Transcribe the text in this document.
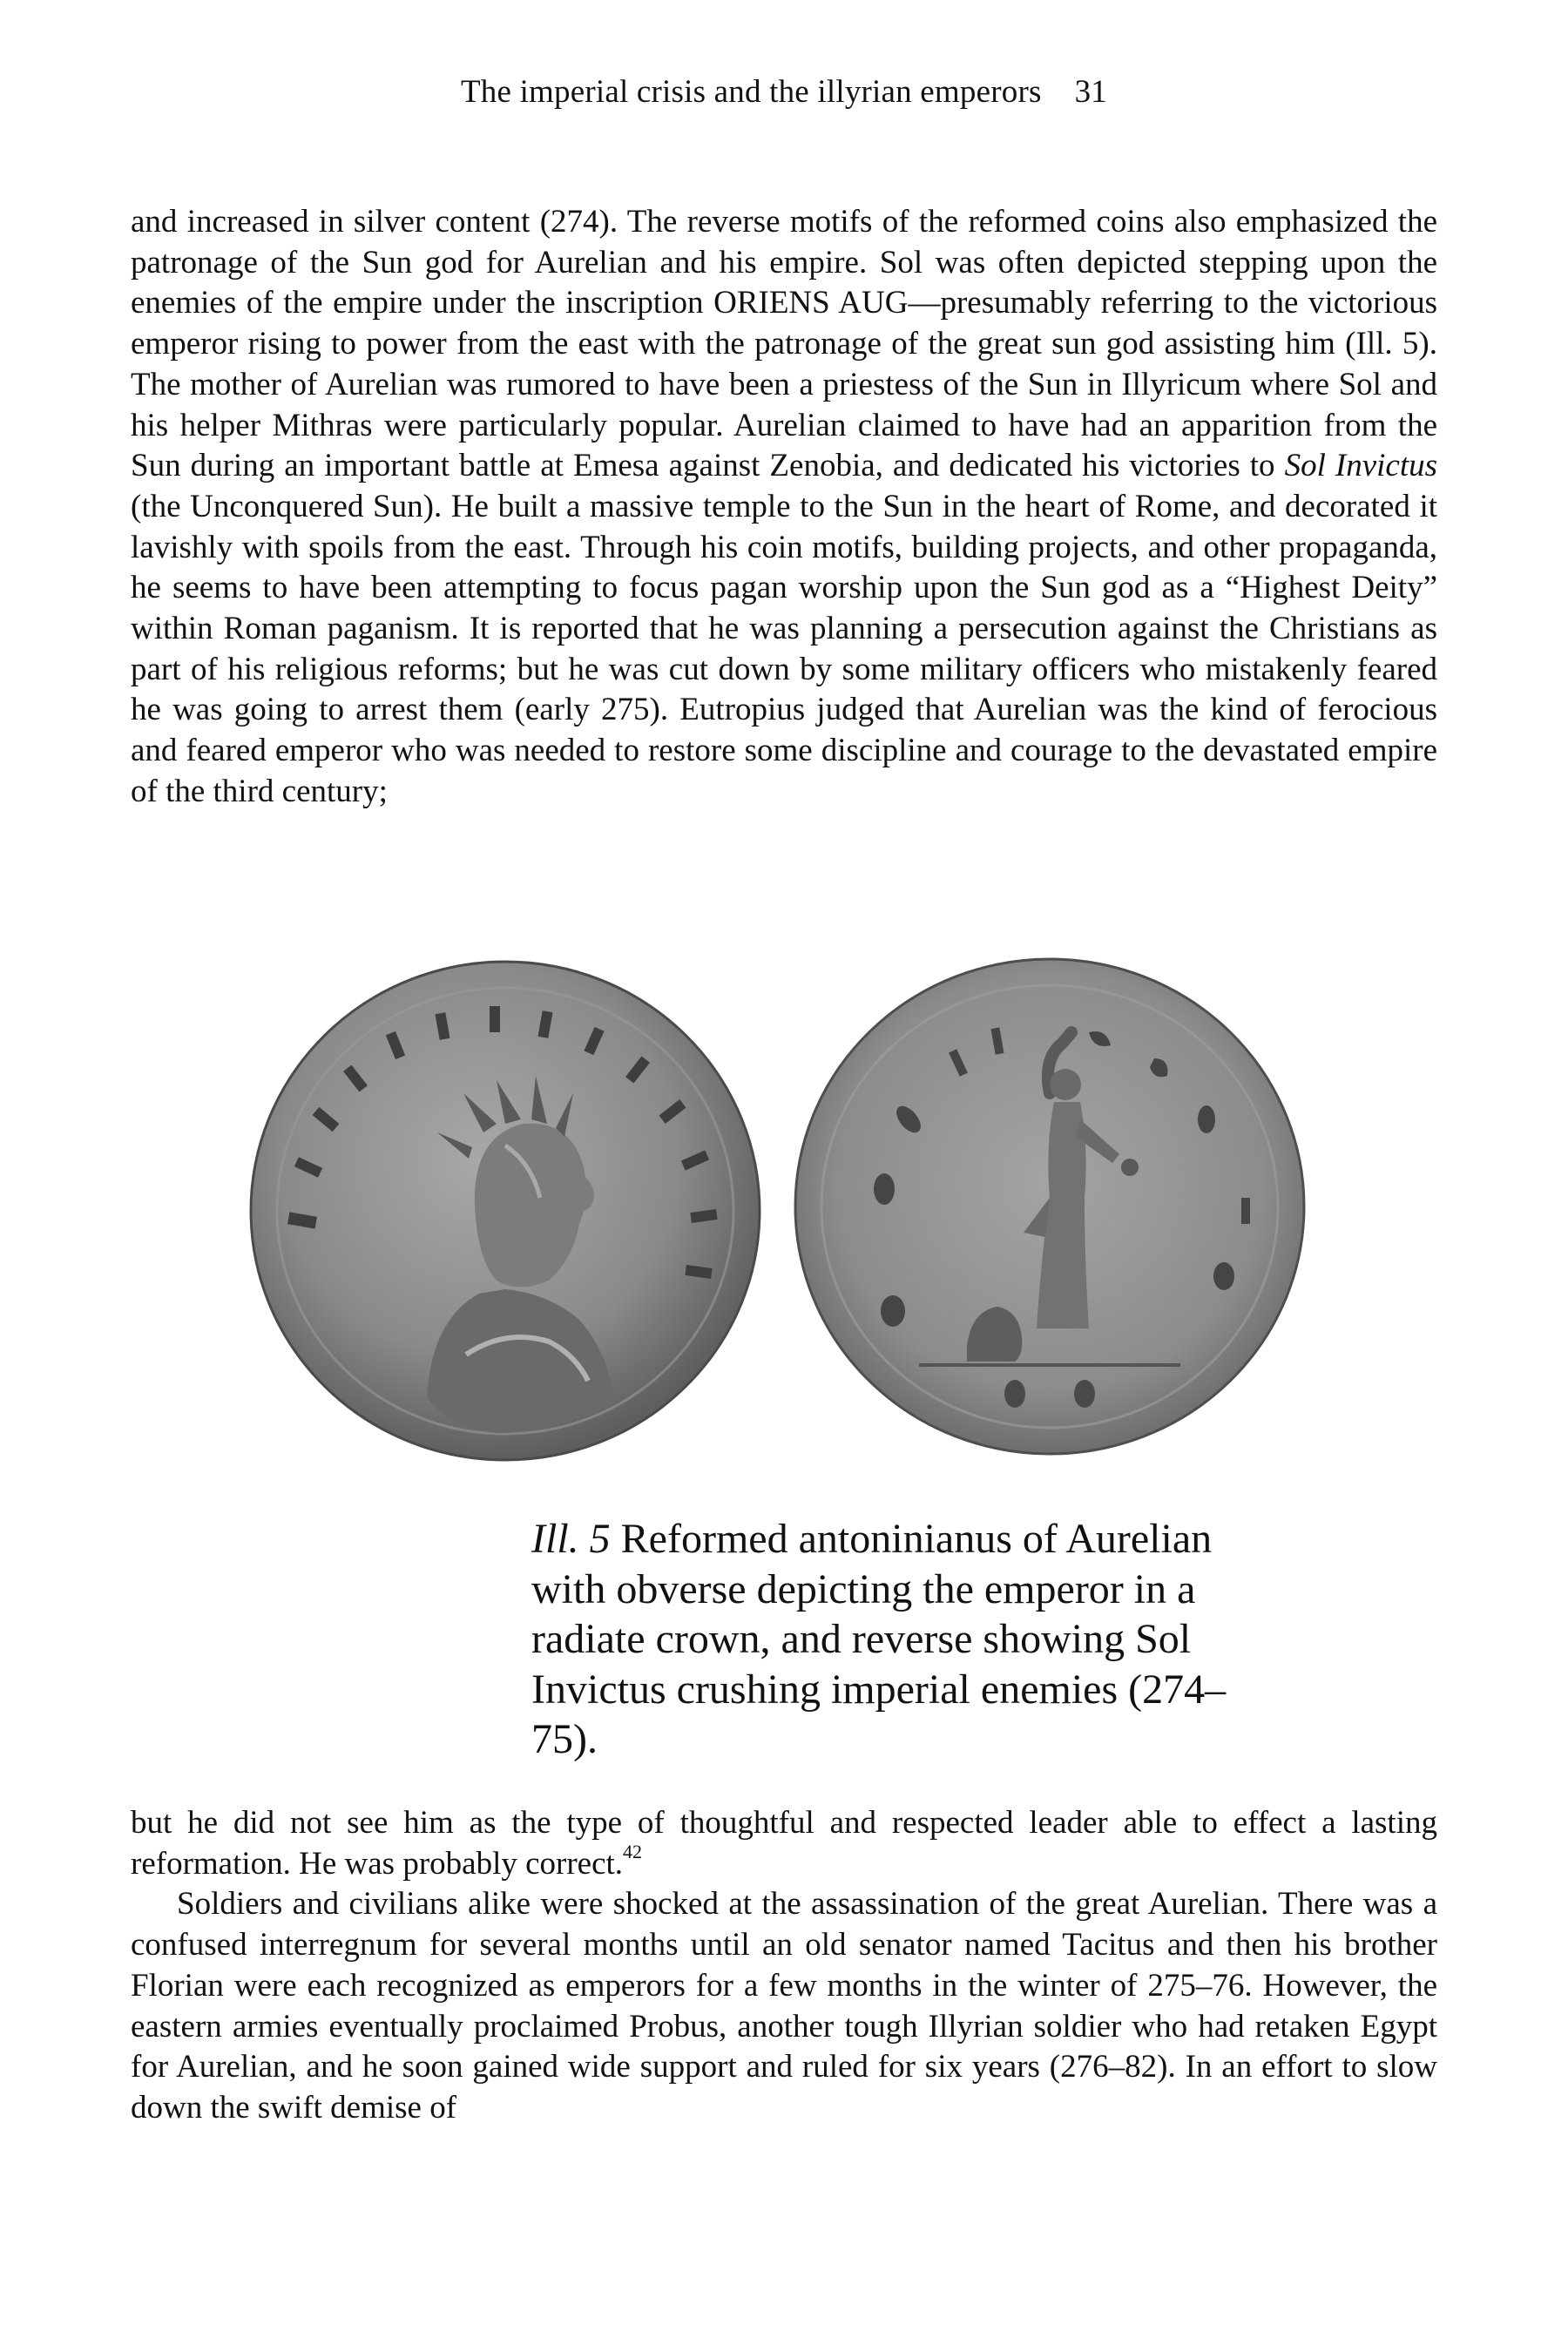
The imperial crisis and the illyrian emperors 31

and increased in silver content (274). The reverse motifs of the reformed coins also emphasized the patronage of the Sun god for Aurelian and his empire. Sol was often depicted stepping upon the enemies of the empire under the inscription ORIENS AUG—presumably referring to the victorious emperor rising to power from the east with the patronage of the great sun god assisting him (Ill. 5). The mother of Aurelian was rumored to have been a priestess of the Sun in Illyricum where Sol and his helper Mithras were particularly popular. Aurelian claimed to have had an apparition from the Sun during an important battle at Emesa against Zenobia, and dedicated his victories to Sol Invictus (the Unconquered Sun). He built a massive temple to the Sun in the heart of Rome, and decorated it lavishly with spoils from the east. Through his coin motifs, building projects, and other propaganda, he seems to have been attempting to focus pagan worship upon the Sun god as a “Highest Deity” within Roman paganism. It is reported that he was planning a persecution against the Christians as part of his religious reforms; but he was cut down by some military officers who mistakenly feared he was going to arrest them (early 275). Eutropius judged that Aurelian was the kind of ferocious and feared emperor who was needed to restore some discipline and courage to the devastated empire of the third century;

Ill. 5 Reformed antoninianus of Aurelian with obverse depicting the emperor in a radiate crown, and reverse showing Sol Invictus crushing imperial enemies (274–75).

but he did not see him as the type of thoughtful and respected leader able to effect a lasting reformation. He was probably correct.$^{42}$

Soldiers and civilians alike were shocked at the assassination of the great Aurelian. There was a confused interregnum for several months until an old senator named Tacitus and then his brother Florian were each recognized as emperors for a few months in the winter of 275–76. However, the eastern armies eventually proclaimed Probus, another tough Illyrian soldier who had retaken Egypt for Aurelian, and he soon gained wide support and ruled for six years (276–82). In an effort to slow down the swift demise of
